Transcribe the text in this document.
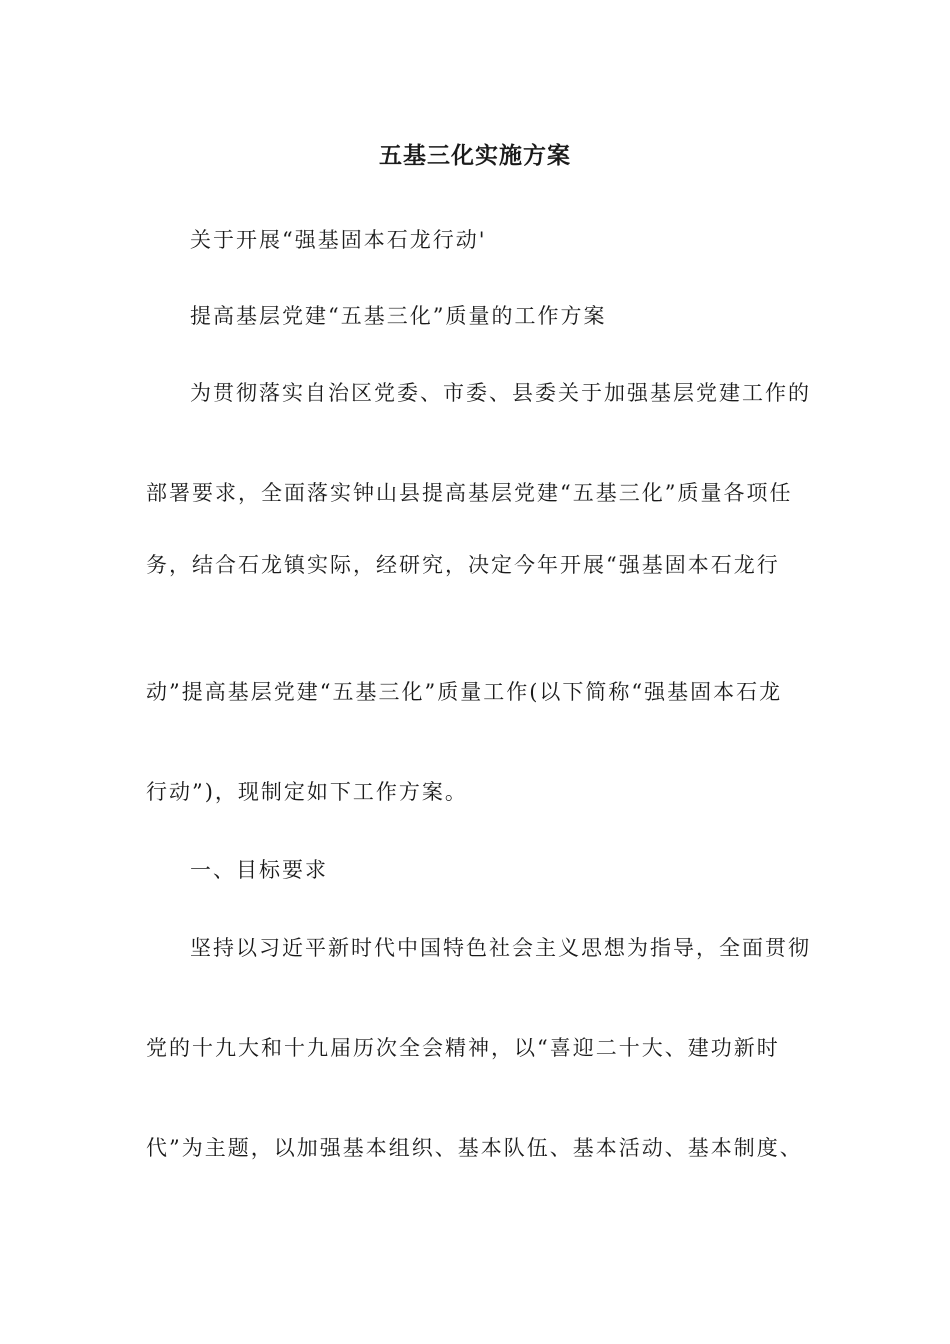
五基三化实施方案
关于开展“强基固本石龙行动'
提高基层党建“五基三化”质量的工作方案
为贯彻落实自治区党委、市委、县委关于加强基层党建工作的
部署要求，全面落实钟山县提高基层党建“五基三化”质量各项任
务，结合石龙镇实际，经研究，决定今年开展“强基固本石龙行
动”提高基层党建“五基三化”质量工作(以下简称“强基固本石龙
行动”)，现制定如下工作方案。
一、目标要求
坚持以习近平新时代中国特色社会主义思想为指导，全面贯彻
党的十九大和十九届历次全会精神，以“喜迎二十大、建功新时
代”为主题，以加强基本组织、基本队伍、基本活动、基本制度、
